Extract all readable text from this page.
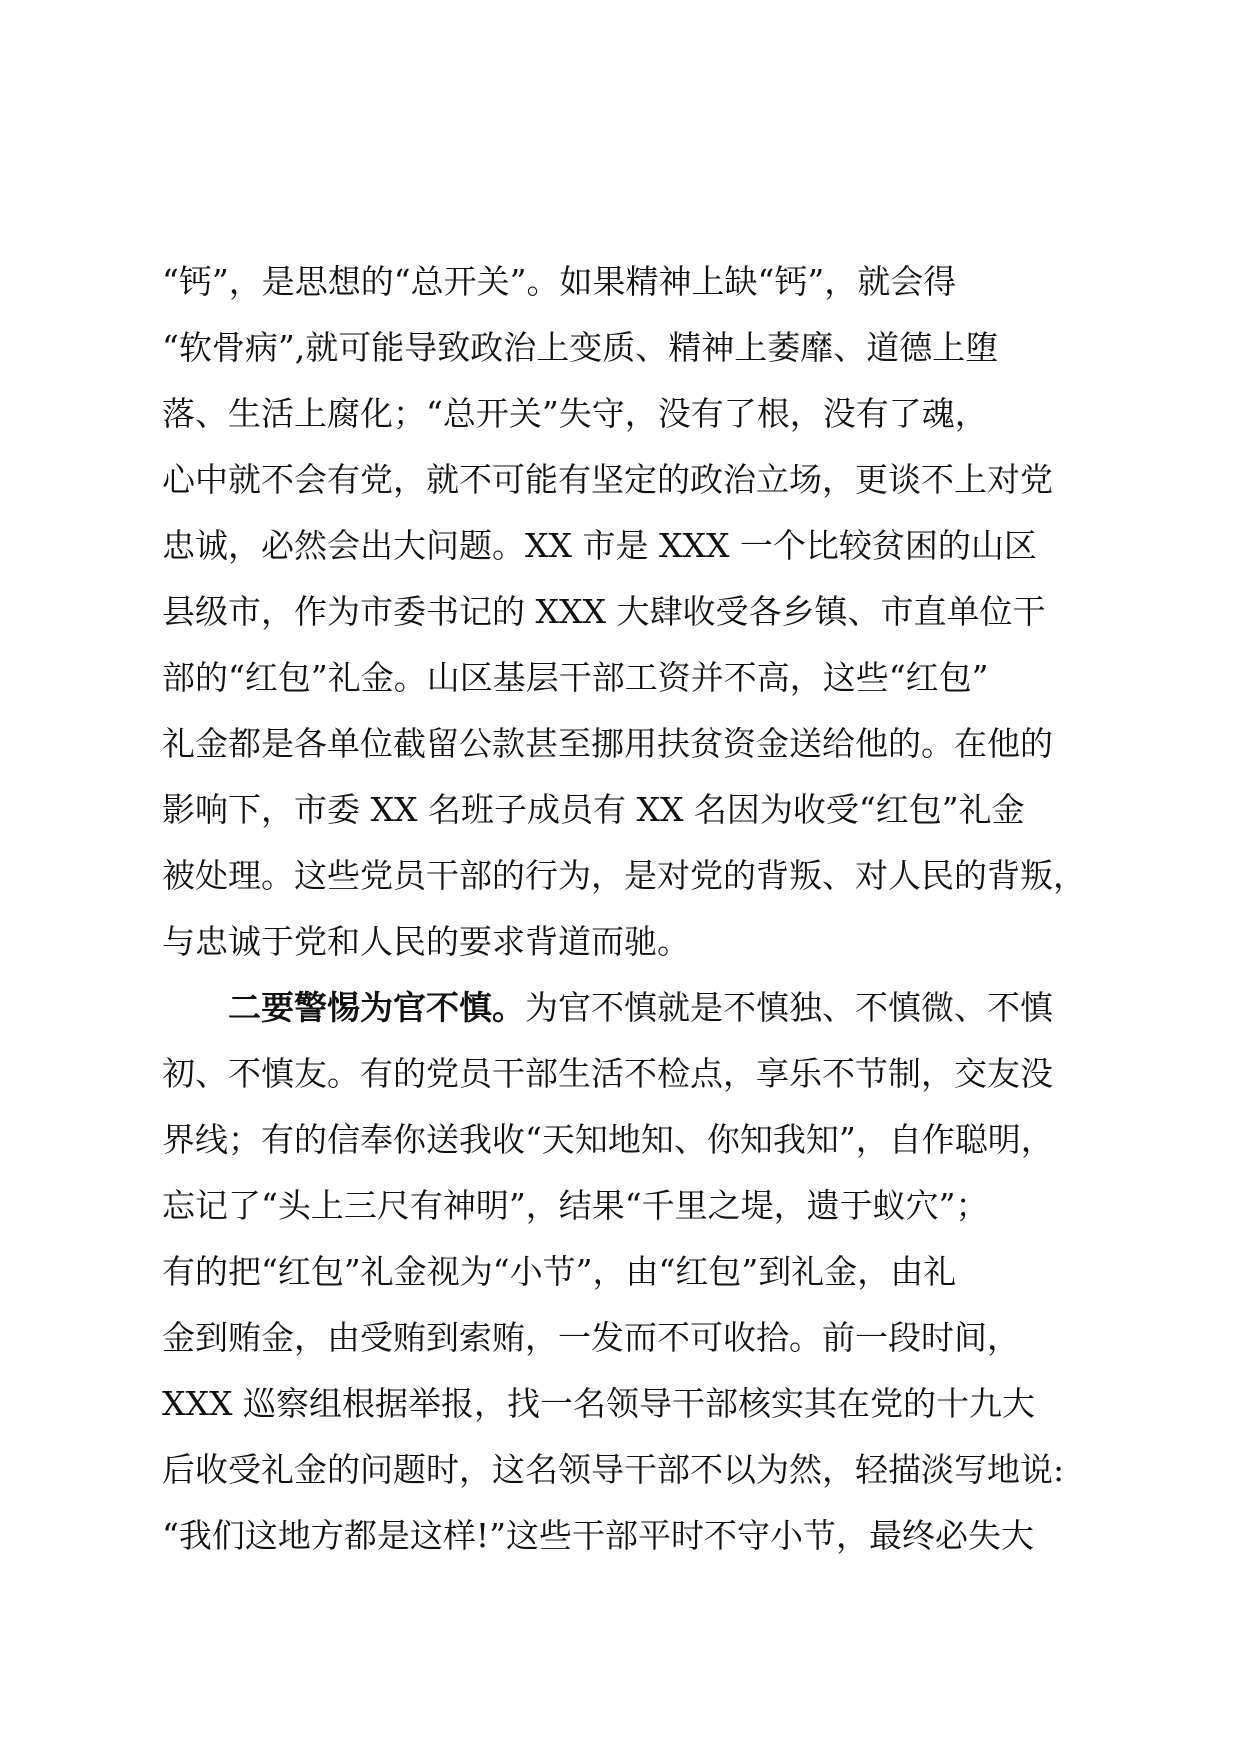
“钙”，是思想的“总开关”。如果精神上缺“钙”，就会得
“软骨病”,就可能导致政治上变质、精神上萎靡、道德上堕
落、生活上腐化；“总开关”失守，没有了根，没有了魂，
心中就不会有党，就不可能有坚定的政治立场，更谈不上对党
忠诚，必然会出大问题。XX 市是 XXX 一个比较贫困的山区
县级市，作为市委书记的 XXX 大肆收受各乡镇、市直单位干
部的“红包”礼金。山区基层干部工资并不高，这些“红包”
礼金都是各单位截留公款甚至挪用扶贫资金送给他的。在他的
影响下，市委 XX 名班子成员有 XX 名因为收受“红包”礼金
被处理。这些党员干部的行为，是对党的背叛、对人民的背叛，
与忠诚于党和人民的要求背道而驰。
二要警惕为官不慎。为官不慎就是不慎独、不慎微、不慎
初、不慎友。有的党员干部生活不检点，享乐不节制，交友没
界线；有的信奉你送我收“天知地知、你知我知”，自作聪明，
忘记了“头上三尺有神明”，结果“千里之堤，遗于蚁穴”；
有的把“红包”礼金视为“小节”，由“红包”到礼金，由礼
金到贿金，由受贿到索贿，一发而不可收拾。前一段时间，
XXX 巡察组根据举报，找一名领导干部核实其在党的十九大
后收受礼金的问题时，这名领导干部不以为然，轻描淡写地说:
“我们这地方都是这样!”这些干部平时不守小节，最终必失大
